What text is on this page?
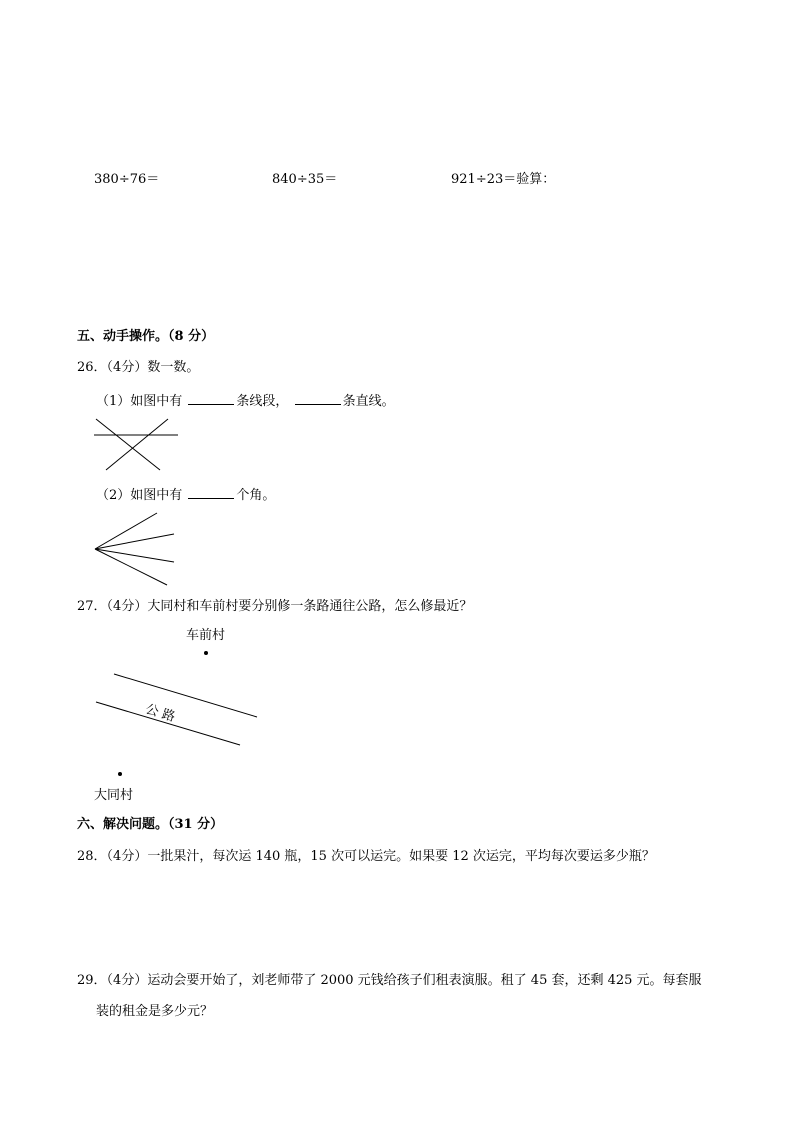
380÷76＝	840÷35＝	921÷23＝验算：
五、动手操作。（8 分）
26．（4分）数一数。
（1）如图中有	条线段，	条直线。
（2）如图中有	个角。
27．（4分）大同村和车前村要分别修一条路通往公路，怎么修最近？
车前村
公 路
大同村
六、解决问题。（31 分）
28．（4分）一批果汁，每次运 140 瓶，15 次可以运完。如果要 12 次运完，平均每次要运多少瓶？
29．（4分）运动会要开始了，刘老师带了 2000 元钱给孩子们租表演服。租了 45 套，还剩 425 元。每套服
装的租金是多少元？
